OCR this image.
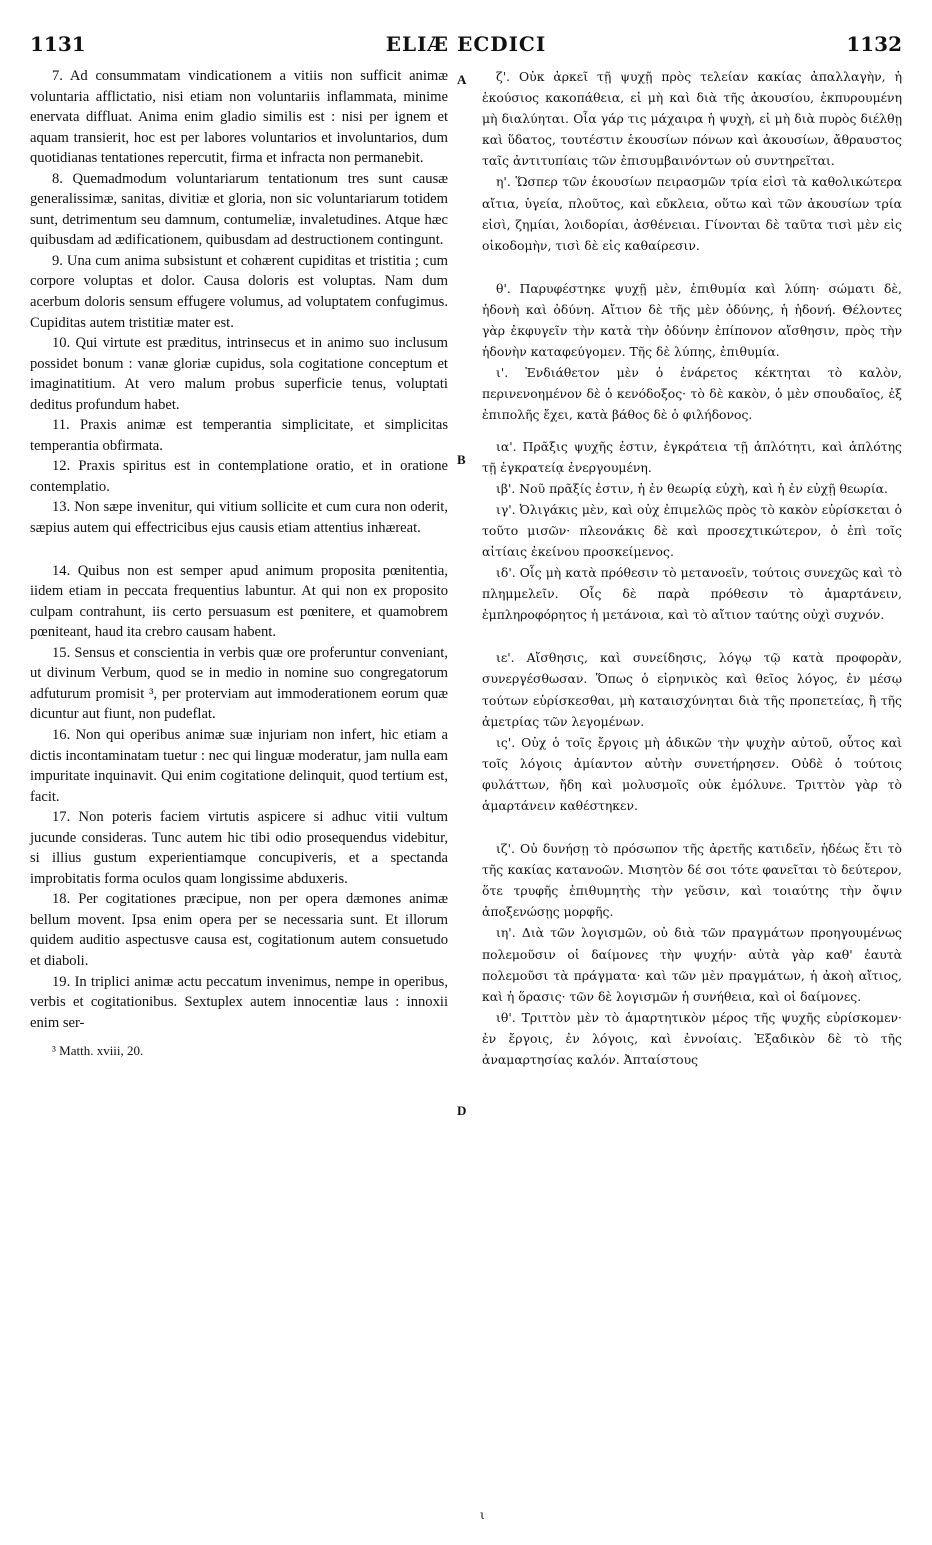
1131	ELIÆ ECDICI	1132
A
B
D

7. Ad consummatam vindicationem a vitiis non sufficit animæ voluntaria afflictatio, nisi etiam non voluntariis inflammata, minime enervata diffluat. Anima enim gladio similis est : nisi per ignem et aquam transierit, hoc est per labores voluntarios et involuntarios, dum quotidianas tentationes repercutit, firma et infracta non permanebit.

8. Quemadmodum voluntariarum tentationum tres sunt causæ generalissimæ, sanitas, divitiæ et gloria, non sic voluntariarum totidem sunt, detrimentum seu damnum, contumeliæ, invaletudines. Atque hæc quibusdam ad ædificationem, quibusdam ad destructionem contingunt.

9. Una cum anima subsistunt et cohærent cupiditas et tristitia ; cum corpore voluptas et dolor. Causa doloris est voluptas. Nam dum acerbum doloris sensum effugere volumus, ad voluptatem confugimus. Cupiditas autem tristitiæ mater est.

10. Qui virtute est præditus, intrinsecus et in animo suo inclusum possidet bonum : vanæ gloriæ cupidus, sola cogitatione conceptum et imaginatitium. At vero malum probus superficie tenus, voluptati deditus profundum habet.

11. Praxis animæ est temperantia simplicitate, et simplicitas temperantia obfirmata.

12. Praxis spiritus est in contemplatione oratio, et in oratione contemplatio.

13. Non sæpe invenitur, qui vitium sollicite et cum cura non oderit, sæpius autem qui effectricibus ejus causis etiam attentius inhæreat.

14. Quibus non est semper apud animum proposita pœnitentia, iidem etiam in peccata frequentius labuntur. At qui non ex proposito culpam contrahunt, iis certo persuasum est pœnitere, et quamobrem pœniteant, haud ita crebro causam habent.

15. Sensus et conscientia in verbis quæ ore proferuntur conveniant, ut divinum Verbum, quod se in medio in nomine suo congregatorum adfuturum promisit ³, per proterviam aut immoderationem eorum quæ dicuntur aut fiunt, non pudeflat.

16. Non qui operibus animæ suæ injuriam non infert, hic etiam a dictis incontaminatam tuetur : nec qui linguæ moderatur, jam nulla eam impuritate inquinavit. Qui enim cogitatione delinquit, quod tertium est, facit.

17. Non poteris faciem virtutis aspicere si adhuc vitii vultum jucunde consideras. Tunc autem hic tibi odio prosequendus videbitur, si illius gustum experientiamque concupiveris, et a spectanda improbitatis forma oculos quam longissime abduxeris.

18. Per cogitationes præcipue, non per opera dæmones animæ bellum movent. Ipsa enim opera per se necessaria sunt. Et illorum quidem auditio aspectusve causa est, cogitationum autem consuetudo et diaboli.

19. In triplici animæ actu peccatum invenimus, nempe in operibus, verbis et cogitationibus. Sextuplex autem innocentiæ laus : innoxii enim ser-

³ Matth. xviii, 20.

ζ'. Οὐκ ἀρκεῖ τῇ ψυχῇ πρὸς τελείαν κακίας ἀπαλλαγὴν, ἡ ἑκούσιος κακοπάθεια, εἰ μὴ καὶ διὰ τῆς ἀκουσίου, ἐκπυρουμένη μὴ διαλύηται. Οἷα γάρ τις μάχαιρα ἡ ψυχὴ, εἰ μὴ διὰ πυρὸς διέλθῃ καὶ ὕδατος, τουτέστιν ἑκουσίων πόνων καὶ ἀκουσίων, ἄθραυστος ταῖς ἀντιτυπίαις τῶν ἐπισυμβαινόντων οὐ συντηρεῖται.

η'. Ὥσπερ τῶν ἑκουσίων πειρασμῶν τρία εἰσὶ τὰ καθολικώτερα αἴτια, ὑγεία, πλοῦτος, καὶ εὔκλεια, οὕτω καὶ τῶν ἀκουσίων τρία εἰσὶ, ζημίαι, λοιδορίαι, ἀσθένειαι. Γίνονται δὲ ταῦτα τισὶ μὲν εἰς οἰκοδομὴν, τισὶ δὲ εἰς καθαίρεσιν.

θ'. Παρυφέστηκε ψυχῇ μὲν, ἐπιθυμία καὶ λύπη· σώματι δὲ, ἡδονὴ καὶ ὀδύνη. Αἴτιον δὲ τῆς μὲν ὀδύνης, ἡ ἡδονή. Θέλοντες γὰρ ἐκφυγεῖν τὴν κατὰ τὴν ὀδύνην ἐπίπονον αἴσθησιν, πρὸς τὴν ἡδονὴν καταφεύγομεν. Τῆς δὲ λύπης, ἐπιθυμία.

ι'. Ἐνδιάθετον μὲν ὁ ἐνάρετος κέκτηται τὸ καλὸν, περινενοημένον δὲ ὁ κενόδοξος· τὸ δὲ κακὸν, ὁ μὲν σπουδαῖος, ἐξ ἐπιπολῆς ἔχει, κατὰ βάθος δὲ ὁ φιλήδονος.

ια'. Πρᾶξις ψυχῆς ἐστιν, ἐγκράτεια τῇ ἁπλότητι, καὶ ἁπλότης τῇ ἐγκρατείᾳ ἐνεργουμένη.

ιβ'. Νοῦ πρᾶξίς ἐστιν, ἡ ἐν θεωρίᾳ εὐχὴ, καὶ ἡ ἐν εὐχῇ θεωρία.

ιγ'. Ὀλιγάκις μὲν, καὶ οὐχ ἐπιμελῶς πρὸς τὸ κακὸν εὑρίσκεται ὁ τοῦτο μισῶν· πλεονάκις δὲ καὶ προσεχτικώτερον, ὁ ἐπὶ τοῖς αἰτίαις ἐκείνου προσκείμενος.

ιδ'. Οἷς μὴ κατὰ πρόθεσιν τὸ μετανοεῖν, τούτοις συνεχῶς καὶ τὸ πλημμελεῖν. Οἷς δὲ παρὰ πρόθεσιν τὸ ἁμαρτάνειν, ἐμπληροφόρητος ἡ μετάνοια, καὶ τὸ αἴτιον ταύτης οὐχὶ συχνόν.

ιε'. Αἴσθησις, καὶ συνείδησις, λόγῳ τῷ κατὰ προφορὰν, συνεργέσθωσαν. Ὅπως ὁ εἰρηνικὸς καὶ θεῖος λόγος, ἐν μέσῳ τούτων εὑρίσκεσθαι, μὴ καταισχύνηται διὰ τῆς προπετείας, ἢ τῆς ἀμετρίας τῶν λεγομένων.

ις'. Οὐχ ὁ τοῖς ἔργοις μὴ ἀδικῶν τὴν ψυχὴν αὐτοῦ, οὗτος καὶ τοῖς λόγοις ἀμίαντον αὐτὴν συνετήρησεν. Οὐδὲ ὁ τούτοις φυλάττων, ἤδη καὶ μολυσμοῖς οὐκ ἐμόλυνε. Τριττὸν γὰρ τὸ ἁμαρτάνειν καθέστηκεν.

ιζ'. Οὐ δυνήσῃ τὸ πρόσωπον τῆς ἀρετῆς κατιδεῖν, ἡδέως ἔτι τὸ τῆς κακίας κατανοῶν. Μισητὸν δέ σοι τότε φανεῖται τὸ δεύτερον, ὅτε τρυφῆς ἐπιθυμητὴς τὴν γεῦσιν, καὶ τοιαύτης τὴν ὄψιν ἀποξενώσῃς μορφῆς.

ιη'. Διὰ τῶν λογισμῶν, οὐ διὰ τῶν πραγμάτων προηγουμένως πολεμοῦσιν οἱ δαίμονες τὴν ψυχήν· αὐτὰ γὰρ καθ' ἑαυτὰ πολεμοῦσι τὰ πράγματα· καὶ τῶν μὲν πραγμάτων, ἡ ἀκοὴ αἴτιος, καὶ ἡ ὅρασις· τῶν δὲ λογισμῶν ἡ συνήθεια, καὶ οἱ δαίμονες.

ιθ'. Τριττὸν μὲν τὸ ἁμαρτητικὸν μέρος τῆς ψυχῆς εὑρίσκομεν· ἐν ἔργοις, ἐν λόγοις, καὶ ἐννοίαις. Ἑξαδικὸν δὲ τὸ τῆς ἀναμαρτησίας καλόν. Ἀπταίστους

ι
